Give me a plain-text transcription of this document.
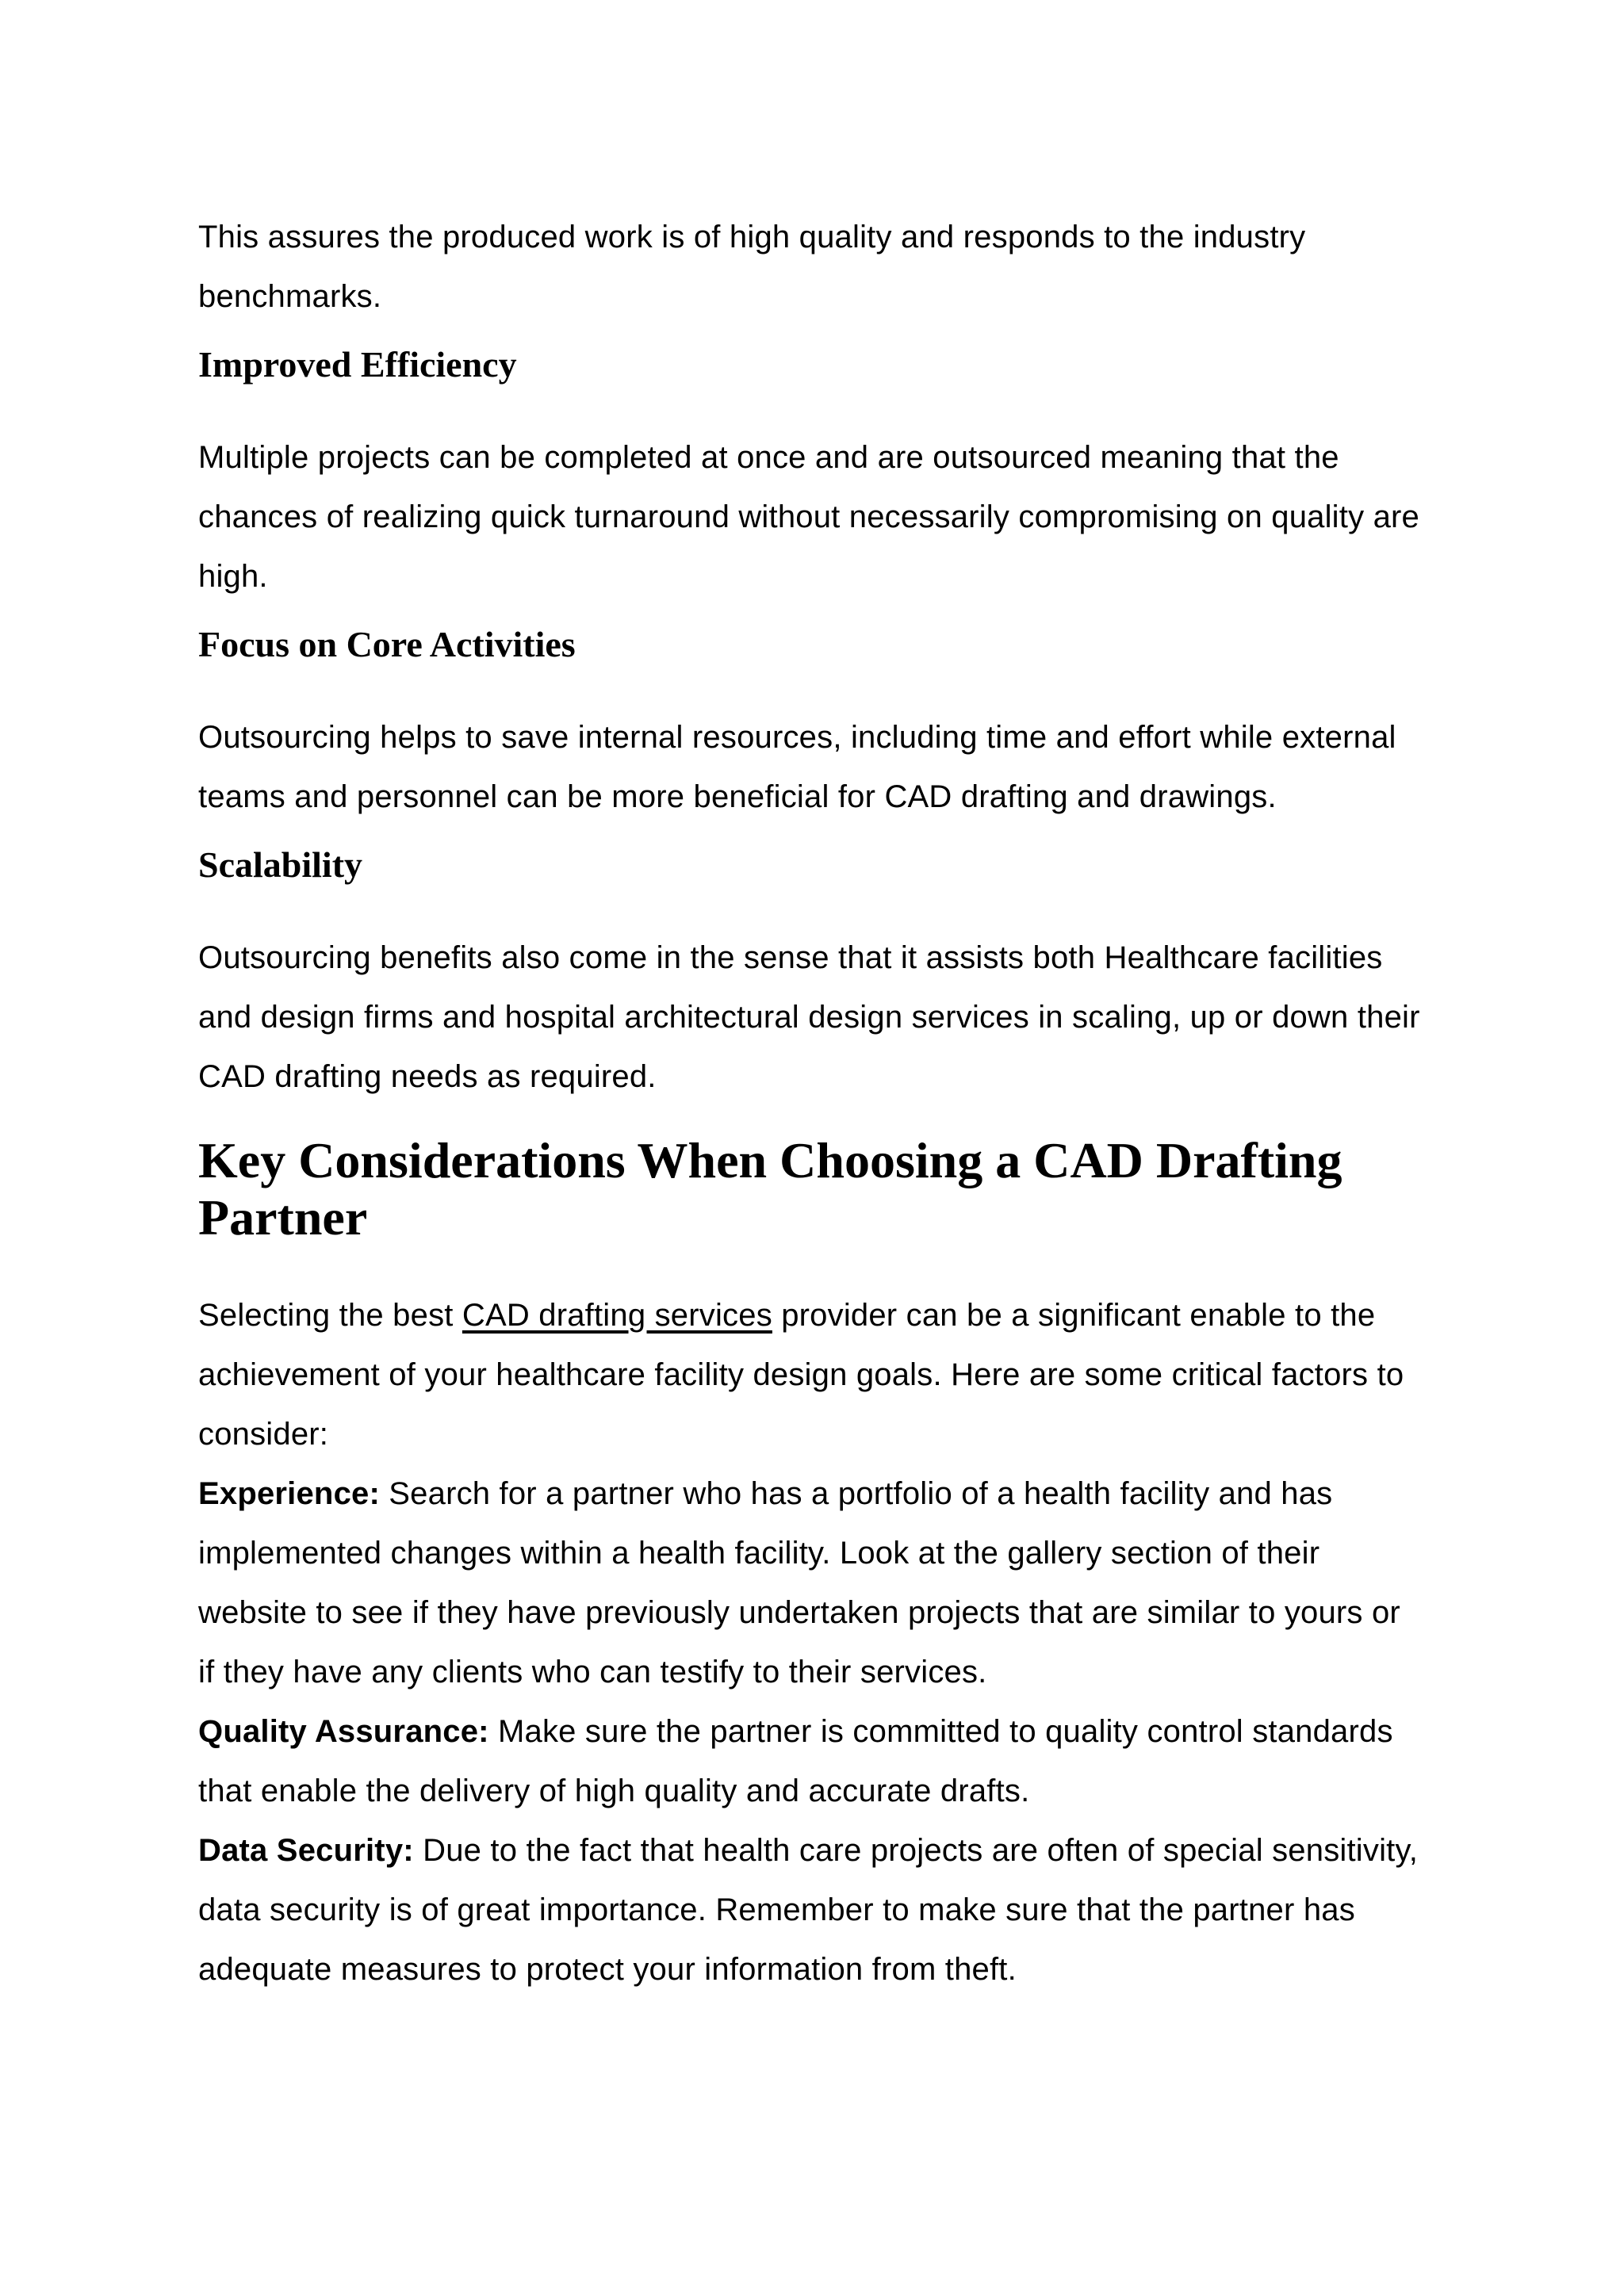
This assures the produced work is of high quality and responds to the industry benchmarks.

Improved Efficiency

Multiple projects can be completed at once and are outsourced meaning that the chances of realizing quick turnaround without necessarily compromising on quality are high.

Focus on Core Activities

Outsourcing helps to save internal resources, including time and effort while external teams and personnel can be more beneficial for CAD drafting and drawings.

Scalability

Outsourcing benefits also come in the sense that it assists both Healthcare facilities and design firms and hospital architectural design services in scaling, up or down their CAD drafting needs as required.

Key Considerations When Choosing a CAD Drafting Partner

Selecting the best CAD drafting services provider can be a significant enable to the achievement of your healthcare facility design goals. Here are some critical factors to consider:

Experience: Search for a partner who has a portfolio of a health facility and has implemented changes within a health facility. Look at the gallery section of their website to see if they have previously undertaken projects that are similar to yours or if they have any clients who can testify to their services.

Quality Assurance: Make sure the partner is committed to quality control standards that enable the delivery of high quality and accurate drafts.

Data Security: Due to the fact that health care projects are often of special sensitivity, data security is of great importance. Remember to make sure that the partner has adequate measures to protect your information from theft.
